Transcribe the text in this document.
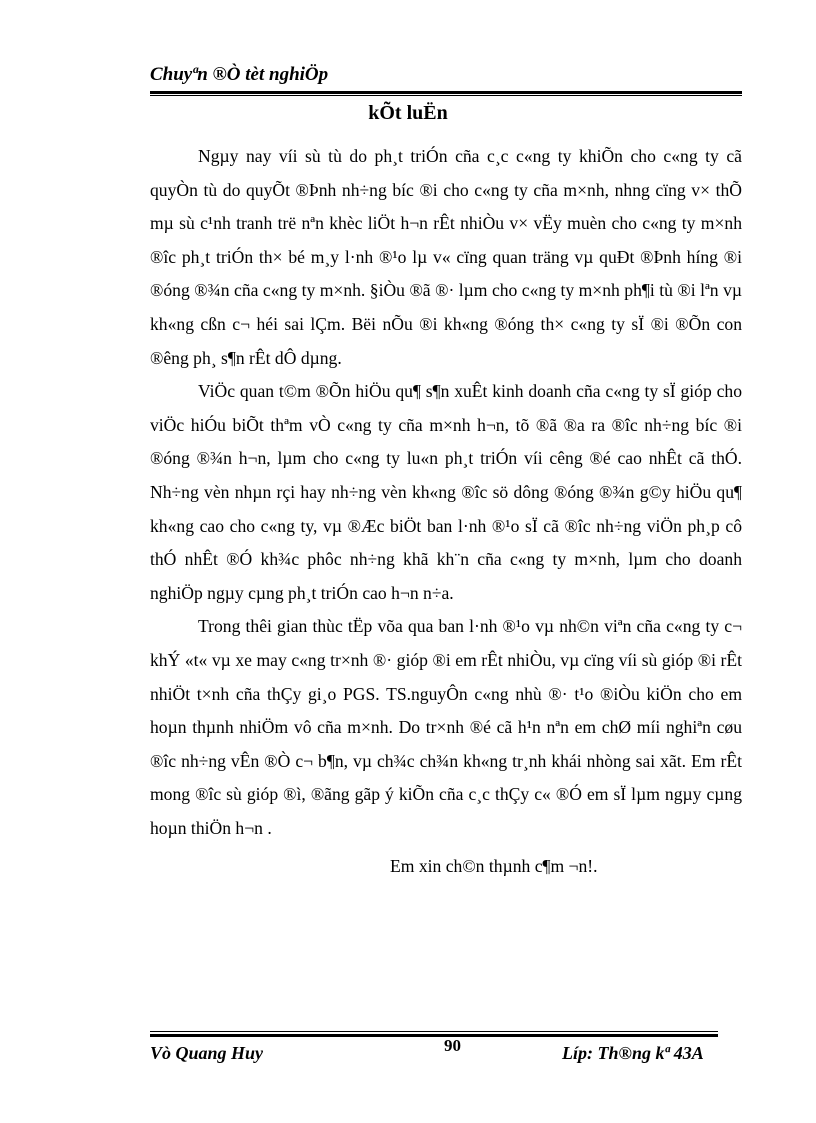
Chuyªn ®Ò tèt nghiÖp
kÕt luËn

Ngµy nay víi sù tù do ph¸t triÓn cña c¸c c«ng ty khiÕn cho c«ng ty cã quyÒn tù do quyÕt ®Þnh nh÷ng bíc ®i cho c«ng ty cña m×nh, nhng cïng v× thÕ mµ sù c¹nh tranh trë nªn khèc liÖt h¬n rÊt nhiÒu v× vËy muèn cho c«ng ty m×nh ®îc ph¸t triÓn th× bé m¸y l·nh ®¹o lµ v« cïng quan träng vµ quÐt ®Þnh híng ®i ®óng ®¾n cña c«ng ty m×nh. §iÒu ®ã ®· lµm cho c«ng ty m×nh ph¶i tù ®i lªn vµ kh«ng cßn c¬ héi sai lÇm. Bëi nÕu ®i kh«ng ®óng th× c«ng ty sÏ ®i ®Õn con ®êng ph¸ s¶n rÊt dÔ dµng.

ViÖc quan t©m ®Õn hiÖu qu¶ s¶n xuÊt kinh doanh cña c«ng ty sÏ gióp cho viÖc hiÓu biÕt thªm vÒ c«ng ty cña m×nh h¬n, tõ ®ã ®a ra ®îc nh÷ng bíc ®i ®óng ®¾n h¬n, lµm cho c«ng ty lu«n ph¸t triÓn víi cêng ®é cao nhÊt cã thÓ. Nh÷ng vèn nhµn rçi hay nh÷ng vèn kh«ng ®îc sö dông ®óng ®¾n g©y hiÖu qu¶ kh«ng cao cho c«ng ty, vµ ®Æc biÖt ban l·nh ®¹o sÏ cã ®îc nh÷ng viÖn ph¸p cô thÓ nhÊt ®Ó kh¾c phôc nh÷ng khã kh¨n cña c«ng ty m×nh, lµm cho doanh nghiÖp ngµy cµng ph¸t triÓn cao h¬n n÷a.

Trong thêi gian thùc tËp võa qua ban l·nh ®¹o vµ nh©n viªn cña c«ng ty c¬ khÝ «t« vµ xe may c«ng tr×nh ®· gióp ®i em rÊt nhiÒu, vµ cïng víi sù gióp ®i rÊt nhiÖt t×nh cña thÇy gi¸o PGS. TS.nguyÔn c«ng nhù ®· t¹o ®iÒu kiÖn cho em hoµn thµnh nhiÖm vô cña m×nh. Do tr×nh ®é cã h¹n nªn em chØ míi nghiªn cøu ®îc nh÷ng vÊn ®Ò c¬ b¶n, vµ ch¾c ch¾n kh«ng tr¸nh khái nhòng sai xãt. Em rÊt mong ®îc sù gióp ®ì, ®ãng gãp ý kiÕn cña c¸c thÇy c« ®Ó em sÏ lµm ngµy cµng hoµn thiÖn h¬n .

Em xin ch©n thµnh c¶m ¬n!.
Vò Quang Huy	90	Líp: Th®ng kª 43A
